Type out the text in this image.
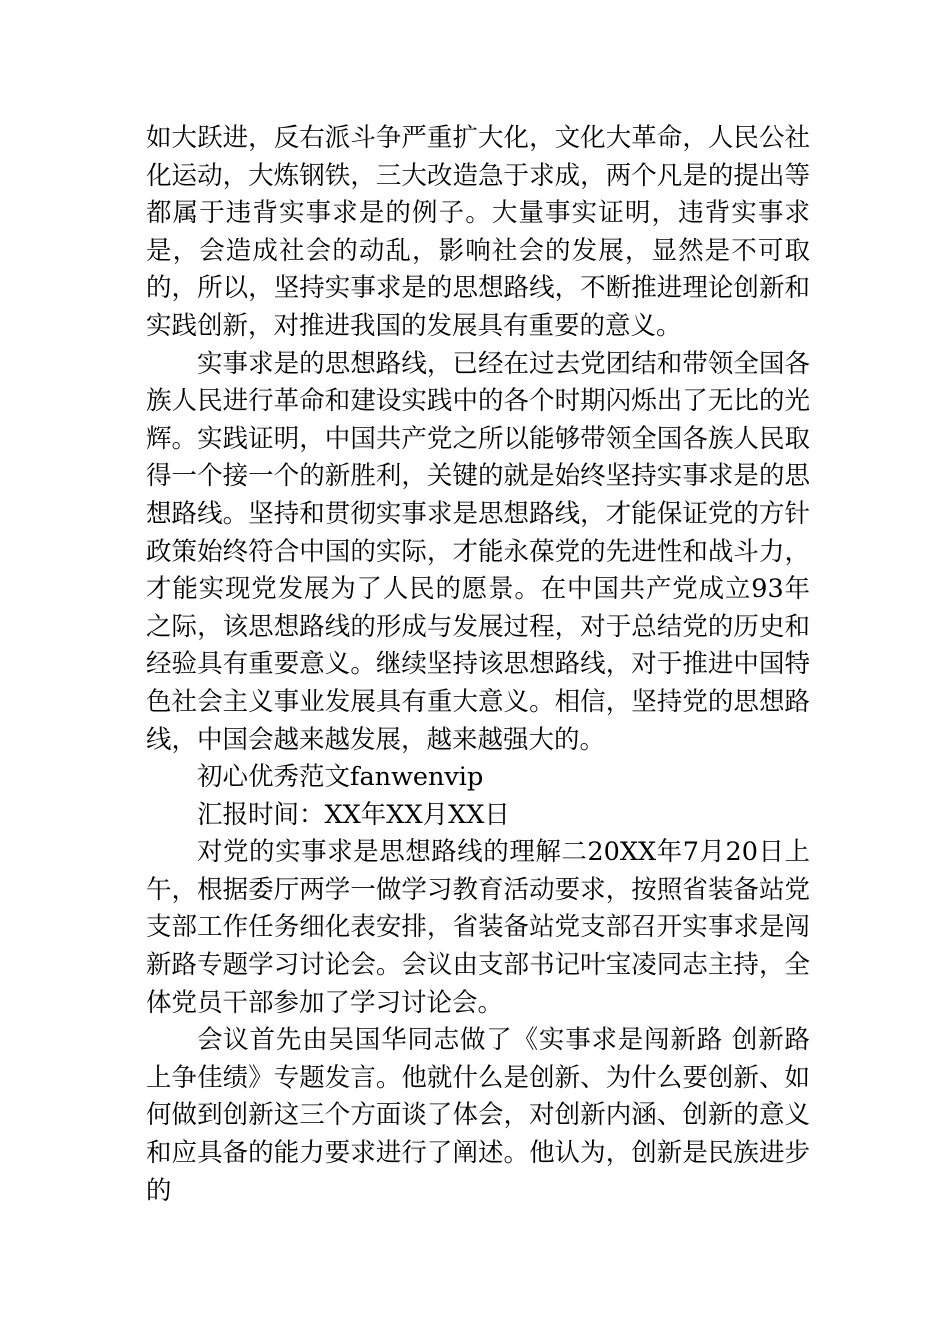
如大跃进，反右派斗争严重扩大化，文化大革命，人民公社化运动，大炼钢铁，三大改造急于求成，两个凡是的提出等都属于违背实事求是的例子。大量事实证明，违背实事求是，会造成社会的动乱，影响社会的发展，显然是不可取的，所以，坚持实事求是的思想路线，不断推进理论创新和实践创新，对推进我国的发展具有重要的意义。

实事求是的思想路线，已经在过去党团结和带领全国各族人民进行革命和建设实践中的各个时期闪烁出了无比的光辉。实践证明，中国共产党之所以能够带领全国各族人民取得一个接一个的新胜利，关键的就是始终坚持实事求是的思想路线。坚持和贯彻实事求是思想路线，才能保证党的方针政策始终符合中国的实际，才能永葆党的先进性和战斗力，才能实现党发展为了人民的愿景。在中国共产党成立93年之际，该思想路线的形成与发展过程，对于总结党的历史和经验具有重要意义。继续坚持该思想路线，对于推进中国特色社会主义事业发展具有重大意义。相信，坚持党的思想路线，中国会越来越发展，越来越强大的。

初心优秀范文fanwenvip

汇报时间：XX年XX月XX日

对党的实事求是思想路线的理解二20XX年7月20日上午，根据委厅两学一做学习教育活动要求，按照省装备站党支部工作任务细化表安排，省装备站党支部召开实事求是闯新路专题学习讨论会。会议由支部书记叶宝凌同志主持，全体党员干部参加了学习讨论会。

会议首先由吴国华同志做了《实事求是闯新路 创新路上争佳绩》专题发言。他就什么是创新、为什么要创新、如何做到创新这三个方面谈了体会，对创新内涵、创新的意义和应具备的能力要求进行了阐述。他认为，创新是民族进步的
